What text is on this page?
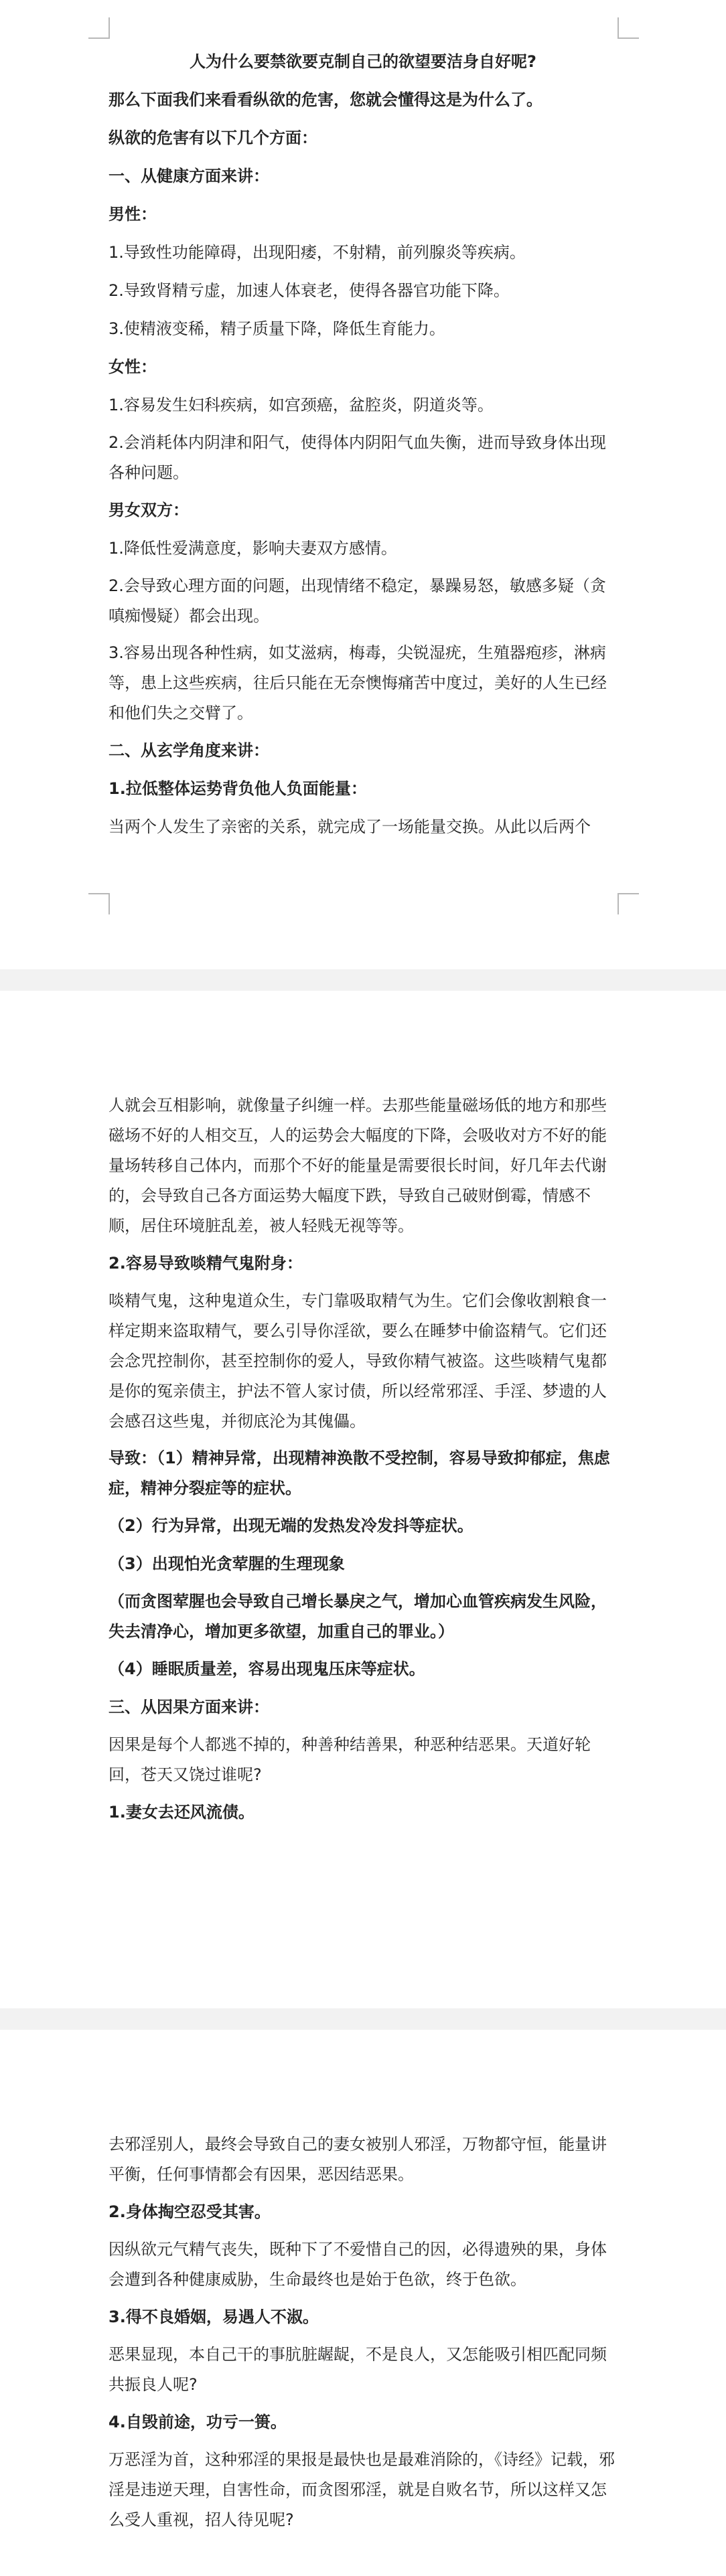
人为什么要禁欲要克制自己的欲望要洁身自好呢?

那么下面我们来看看纵欲的危害，您就会懂得这是为什么了。

纵欲的危害有以下几个方面：

一、从健康方面来讲：

男性：

1.导致性功能障碍，出现阳痿，不射精，前列腺炎等疾病。

2.导致肾精亏虚，加速人体衰老，使得各器官功能下降。

3.使精液变稀，精子质量下降，降低生育能力。

女性：

1.容易发生妇科疾病，如宫颈癌，盆腔炎，阴道炎等。

2.会消耗体内阴津和阳气，使得体内阴阳气血失衡，进而导致身体出现各种问题。

男女双方：

1.降低性爱满意度，影响夫妻双方感情。

2.会导致心理方面的问题，出现情绪不稳定，暴躁易怒，敏感多疑（贪嗔痴慢疑）都会出现。

3.容易出现各种性病，如艾滋病，梅毒，尖锐湿疣，生殖器疱疹，淋病等，患上这些疾病，往后只能在无奈懊悔痛苦中度过，美好的人生已经和他们失之交臂了。

二、从玄学角度来讲：

1.拉低整体运势背负他人负面能量：

当两个人发生了亲密的关系，就完成了一场能量交换。从此以后两个

人就会互相影响，就像量子纠缠一样。去那些能量磁场低的地方和那些磁场不好的人相交互，人的运势会大幅度的下降，会吸收对方不好的能量场转移自己体内，而那个不好的能量是需要很长时间，好几年去代谢的，会导致自己各方面运势大幅度下跌，导致自己破财倒霉，情感不顺，居住环境脏乱差，被人轻贱无视等等。

2.容易导致啖精气鬼附身：

啖精气鬼，这种鬼道众生，专门靠吸取精气为生。它们会像收割粮食一样定期来盗取精气，要么引导你淫欲，要么在睡梦中偷盗精气。它们还会念咒控制你，甚至控制你的爱人，导致你精气被盗。这些啖精气鬼都是你的冤亲债主，护法不管人家讨债，所以经常邪淫、手淫、梦遗的人会感召这些鬼，并彻底沦为其傀儡。

导致：（1）精神异常，出现精神涣散不受控制，容易导致抑郁症，焦虑症，精神分裂症等的症状。

（2）行为异常，出现无端的发热发冷发抖等症状。

（3）出现怕光贪荤腥的生理现象

（而贪图荤腥也会导致自己增长暴戾之气，增加心血管疾病发生风险，失去清净心，增加更多欲望，加重自己的罪业。）

（4）睡眠质量差，容易出现鬼压床等症状。

三、从因果方面来讲：

因果是每个人都逃不掉的，种善种结善果，种恶种结恶果。天道好轮回，苍天又饶过谁呢?

1.妻女去还风流债。

去邪淫别人，最终会导致自己的妻女被别人邪淫，万物都守恒，能量讲平衡，任何事情都会有因果，恶因结恶果。

2.身体掏空忍受其害。

因纵欲元气精气丧失，既种下了不爱惜自己的因，必得遗殃的果，身体会遭到各种健康威胁，生命最终也是始于色欲，终于色欲。

3.得不良婚姻，易遇人不淑。

恶果显现，本自己干的事肮脏龌龊，不是良人，又怎能吸引相匹配同频共振良人呢?

4.自毁前途，功亏一篑。

万恶淫为首，这种邪淫的果报是最快也是最难消除的，《诗经》记载，邪淫是违逆天理，自害性命，而贪图邪淫，就是自败名节，所以这样又怎么受人重视，招人待见呢?
